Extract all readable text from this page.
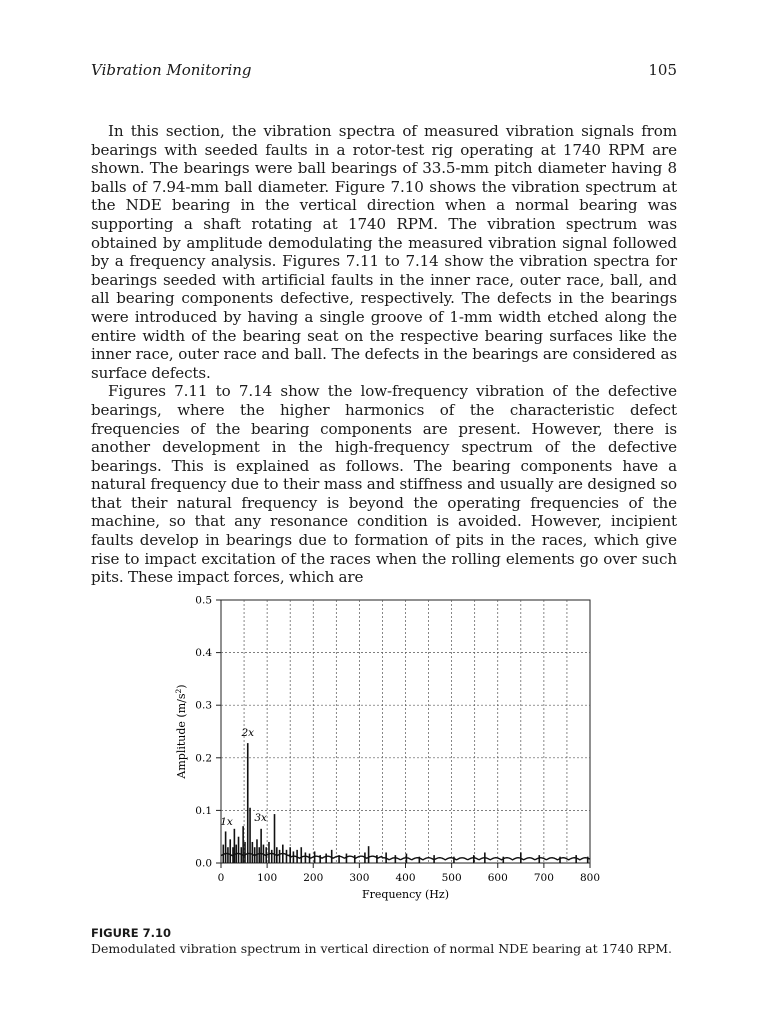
Vibration Monitoring	105

In this section, the vibration spectra of measured vibration signals from bearings with seeded faults in a rotor-test rig operating at 1740 RPM are shown. The bearings were ball bearings of 33.5-mm pitch diameter having 8 balls of 7.94-mm ball diameter. Figure 7.10 shows the vibration spectrum at the NDE bearing in the vertical direction when a normal bearing was supporting a shaft rotating at 1740 RPM. The vibration spectrum was obtained by amplitude demodulating the measured vibration signal followed by a frequency analysis. Figures 7.11 to 7.14 show the vibration spectra for bearings seeded with artificial faults in the inner race, outer race, ball, and all bearing components defective, respectively. The defects in the bearings were introduced by having a single groove of 1-mm width etched along the entire width of the bearing seat on the respective bearing surfaces like the inner race, outer race and ball. The defects in the bearings are considered as surface defects.

Figures 7.11 to 7.14 show the low-frequency vibration of the defective bearings, where the higher harmonics of the characteristic defect frequencies of the bearing components are present. However, there is another development in the high-frequency spectrum of the defective bearings. This is explained as follows. The bearing components have a natural frequency due to their mass and stiffness and usually are designed so that their natural frequency is beyond the operating frequencies of the machine, so that any resonance condition is avoided. However, incipient faults develop in bearings due to formation of pits in the races, which give rise to impact excitation of the races when the rolling elements go over such pits. These impact forces, which are

0.0
0.1
0.2
0.3
0.4
0.5
0	100 200 300 400 500 600 700 800
1x
2x
3x
Frequency (Hz)
Amplitude $(m/s^2)$
FIGURE 7.10
Demodulated vibration spectrum in vertical direction of normal NDE bearing at 1740 RPM.
